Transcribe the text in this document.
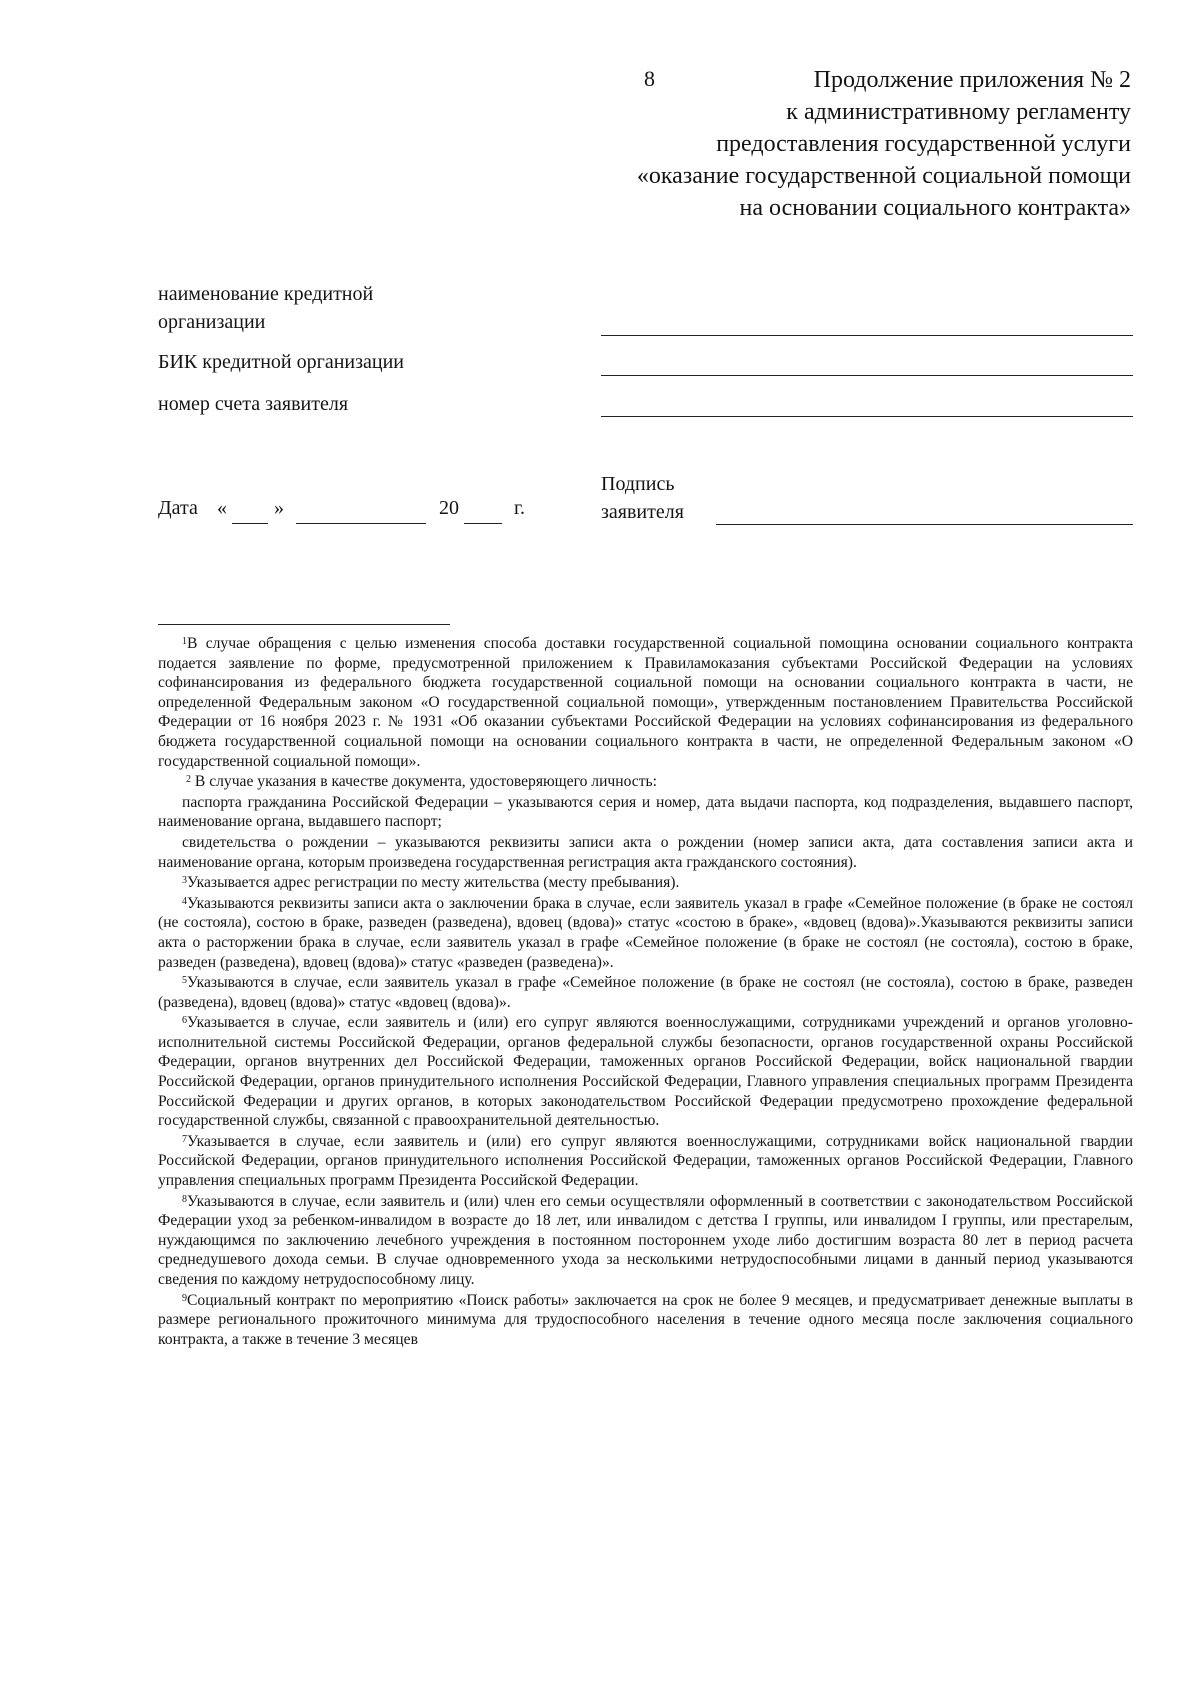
8	Продолжение приложения № 2
к административному регламенту
предоставления государственной услуги
«оказание государственной социальной помощи
на основании социального контракта»
наименование кредитной
организации
БИК кредитной организации
номер счета заявителя
Дата « »	20	г.
Подпись
заявителя

$^1$В случае обращения с целью изменения способа доставки государственной социальной помощина основании социального контракта подается заявление по форме, предусмотренной приложением к Правиламоказания субъектами Российской Федерации на условиях софинансирования из федерального бюджета государственной социальной помощи на основании социального контракта в части, не определенной Федеральным законом «О государственной социальной помощи», утвержденным постановлением Правительства Российской Федерации от 16 ноября 2023 г. № 1931 «Об оказании субъектами Российской Федерации на условиях софинансирования из федерального бюджета государственной социальной помощи на основании социального контракта в части, не определенной Федеральным законом «О государственной социальной помощи».

$^2$ В случае указания в качестве документа, удостоверяющего личность:

паспорта гражданина Российской Федерации – указываются серия и номер, дата выдачи паспорта, код подразделения, выдавшего паспорт, наименование органа, выдавшего паспорт;

свидетельства о рождении – указываются реквизиты записи акта о рождении (номер записи акта, дата составления записи акта и наименование органа, которым произведена государственная регистрация акта гражданского состояния).

$^3$Указывается адрес регистрации по месту жительства (месту пребывания).

$^4$Указываются реквизиты записи акта о заключении брака в случае, если заявитель указал в графе «Семейное положение (в браке не состоял (не состояла), состою в браке, разведен (разведена), вдовец (вдова)» статус «состою в браке», «вдовец (вдова)».Указываются реквизиты записи акта о расторжении брака в случае, если заявитель указал в графе «Семейное положение (в браке не состоял (не состояла), состою в браке, разведен (разведена), вдовец (вдова)» статус «разведен (разведена)».

$^5$Указываются в случае, если заявитель указал в графе «Семейное положение (в браке не состоял (не состояла), состою в браке, разведен (разведена), вдовец (вдова)» статус «вдовец (вдова)».

$^6$Указывается в случае, если заявитель и (или) его супруг являются военнослужащими, сотрудниками учреждений и органов уголовно-исполнительной системы Российской Федерации, органов федеральной службы безопасности, органов государственной охраны Российской Федерации, органов внутренних дел Российской Федерации, таможенных органов Российской Федерации, войск национальной гвардии Российской Федерации, органов принудительного исполнения Российской Федерации, Главного управления специальных программ Президента Российской Федерации и других органов, в которых законодательством Российской Федерации предусмотрено прохождение федеральной государственной службы, связанной с правоохранительной деятельностью.

$^7$Указывается в случае, если заявитель и (или) его супруг являются военнослужащими, сотрудниками войск национальной гвардии Российской Федерации, органов принудительного исполнения Российской Федерации, таможенных органов Российской Федерации, Главного управления специальных программ Президента Российской Федерации.

$^8$Указываются в случае, если заявитель и (или) член его семьи осуществляли оформленный в соответствии с законодательством Российской Федерации уход за ребенком-инвалидом в возрасте до 18 лет, или инвалидом с детства I группы, или инвалидом I группы, или престарелым, нуждающимся по заключению лечебного учреждения в постоянном постороннем уходе либо достигшим возраста 80 лет в период расчета среднедушевого дохода семьи. В случае одновременного ухода за несколькими нетрудоспособными лицами в данный период указываются сведения по каждому нетрудоспособному лицу.

$^9$Социальный контракт по мероприятию «Поиск работы» заключается на срок не более 9 месяцев, и предусматривает денежные выплаты в размере регионального прожиточного минимума для трудоспособного населения в течение одного месяца после заключения социального контракта, а также в течение 3 месяцев
